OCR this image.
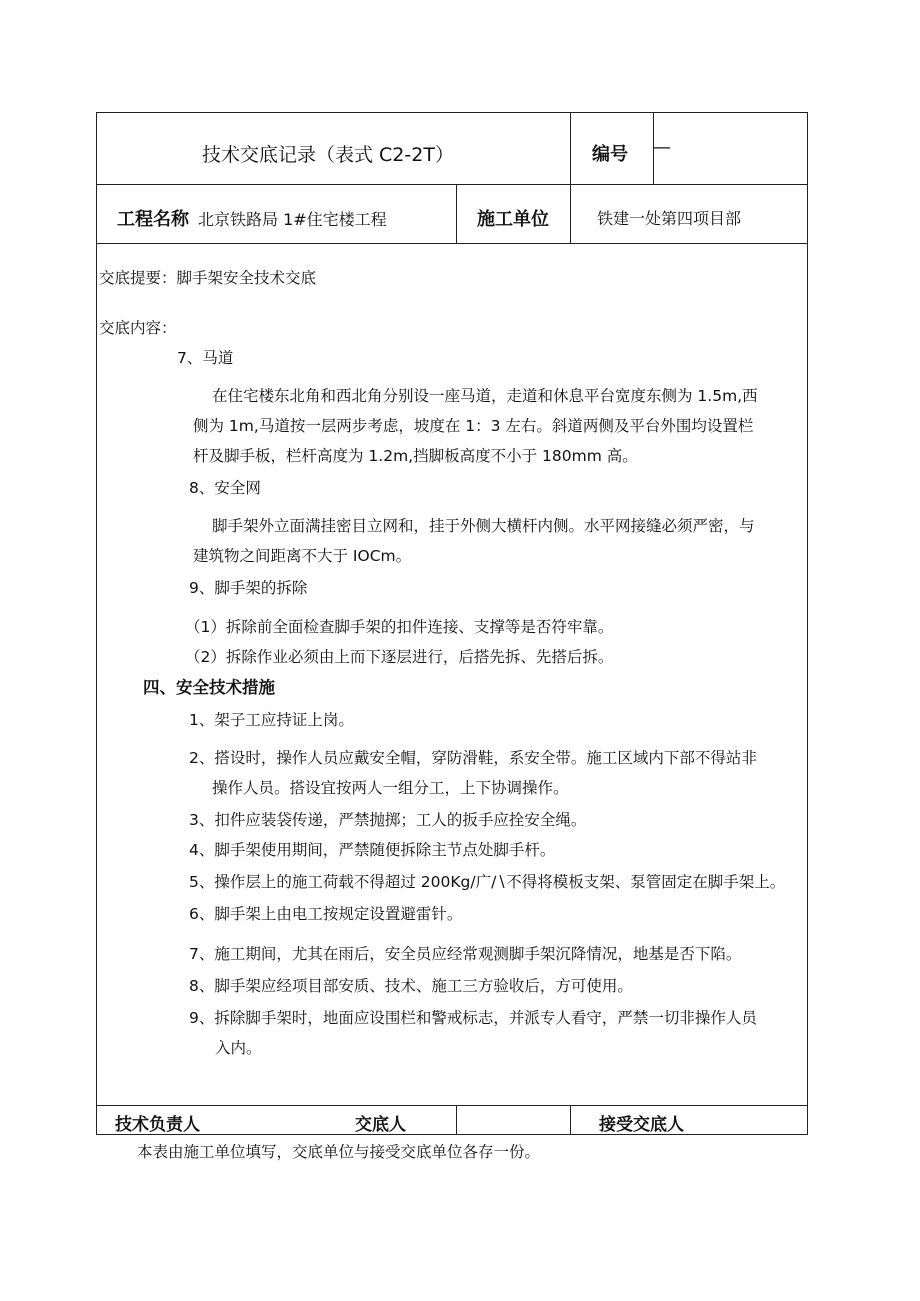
技术交底记录（表式 C2-2T）	编号 —
工程名称 北京铁路局 1#住宅楼工程	施工单位	铁建一处第四项目部
交底提要：脚手架安全技术交底
交底内容：
7、马道
在住宅楼东北角和西北角分别设一座马道，走道和休息平台宽度东侧为 1.5m,西
侧为 1m,马道按一层两步考虑，坡度在 1：3 左右。斜道两侧及平台外围均设置栏
杆及脚手板，栏杆高度为 1.2m,挡脚板高度不小于 180mm 高。
8、安全网
脚手架外立面满挂密目立网和，挂于外侧大横杆内侧。水平网接缝必须严密，与
建筑物之间距离不大于 IOCm。
9、脚手架的拆除
（1）拆除前全面检查脚手架的扣件连接、支撑等是否符牢靠。
（2）拆除作业必须由上而下逐层进行，后搭先拆、先搭后拆。
四、安全技术措施
1、架子工应持证上岗。
2、搭设时，操作人员应戴安全帽，穿防滑鞋，系安全带。施工区域内下部不得站非
操作人员。搭设宜按两人一组分工，上下协调操作。
3、扣件应装袋传递，严禁抛掷；工人的扳手应拴安全绳。
4、脚手架使用期间，严禁随便拆除主节点处脚手杆。
5、操作层上的施工荷载不得超过 200Kg∕⼴∕∖不得将模板支架、泵管固定在脚手架上。
6、脚手架上由电工按规定设置避雷针。
7、施工期间，尤其在雨后，安全员应经常观测脚手架沉降情况，地基是否下陷。
8、脚手架应经项目部安质、技术、施工三方验收后，方可使用。
9、拆除脚手架时，地面应设围栏和警戒标志，并派专人看守，严禁一切非操作人员
入内。
技术负责人	交底人	接受交底人
本表由施工单位填写，交底单位与接受交底单位各存一份。
